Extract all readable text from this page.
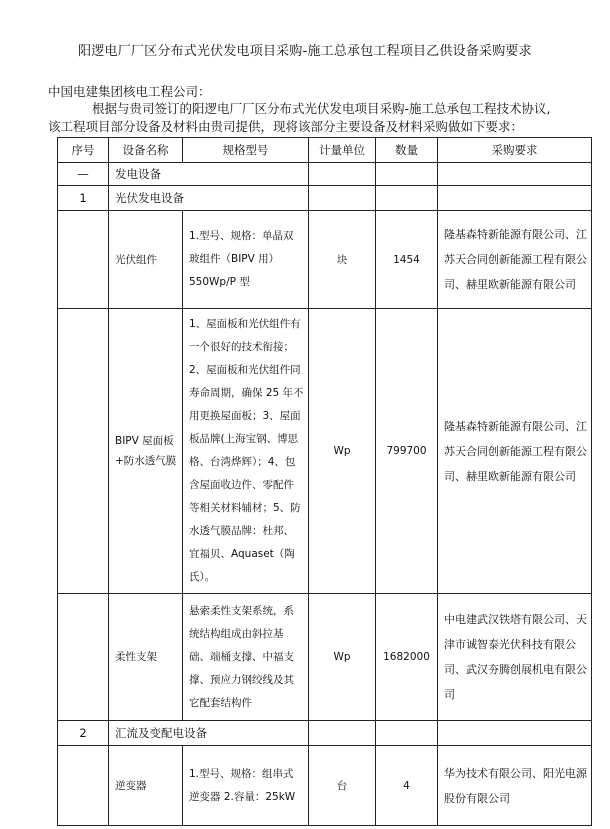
阳逻电厂厂区分布式光伏发电项目采购-施工总承包工程项目乙供设备采购要求
中国电建集团核电工程公司：
根据与贵司签订的阳逻电厂厂区分布式光伏发电项目采购-施工总承包工程技术协议,
该工程项目部分设备及材料由贵司提供，现将该部分主要设备及材料采购做如下要求：
序号	设备名称	规格型号	计量单位	数量	采购要求
—	发电设备				
1	光伏发电设备				
	光伏组件	1.型号、规格：单晶双玻组件（BIPV 用）550Wp/P 型	块	1454	隆基森特新能源有限公司、江苏天合同创新能源工程有限公司、赫里欧新能源有限公司
	BIPV 屋面板+防水透气膜	1、屋面板和光伏组件有一个很好的技术衔接；2、屋面板和光伏组件同寿命周期，确保 25 年不用更换屋面板；3、屋面板品牌(上海宝钢、博思格、台湾烨辉）；4、包含屋面收边件、零配件等相关材料辅材；5、防水透气膜品牌：杜邦、宜福贝、Aquaset（陶氏）。	Wp	799700	隆基森特新能源有限公司、江苏天合同创新能源工程有限公司、赫里欧新能源有限公司
	柔性支架	悬索柔性支架系统，系统结构组成由斜拉基础、端桶支撑、中福支撑、预应力钢绞线及其它配套结构件	Wp	1682000	中电建武汉铁塔有限公司、天津市诚智泰光伏科技有限公司、武汉夯腾创展机电有限公司
2	汇流及变配电设备				
	逆变器	1.型号、规格：组串式逆变器 2.容量：25kW	台	4	华为技术有限公司、阳光电源股份有限公司
